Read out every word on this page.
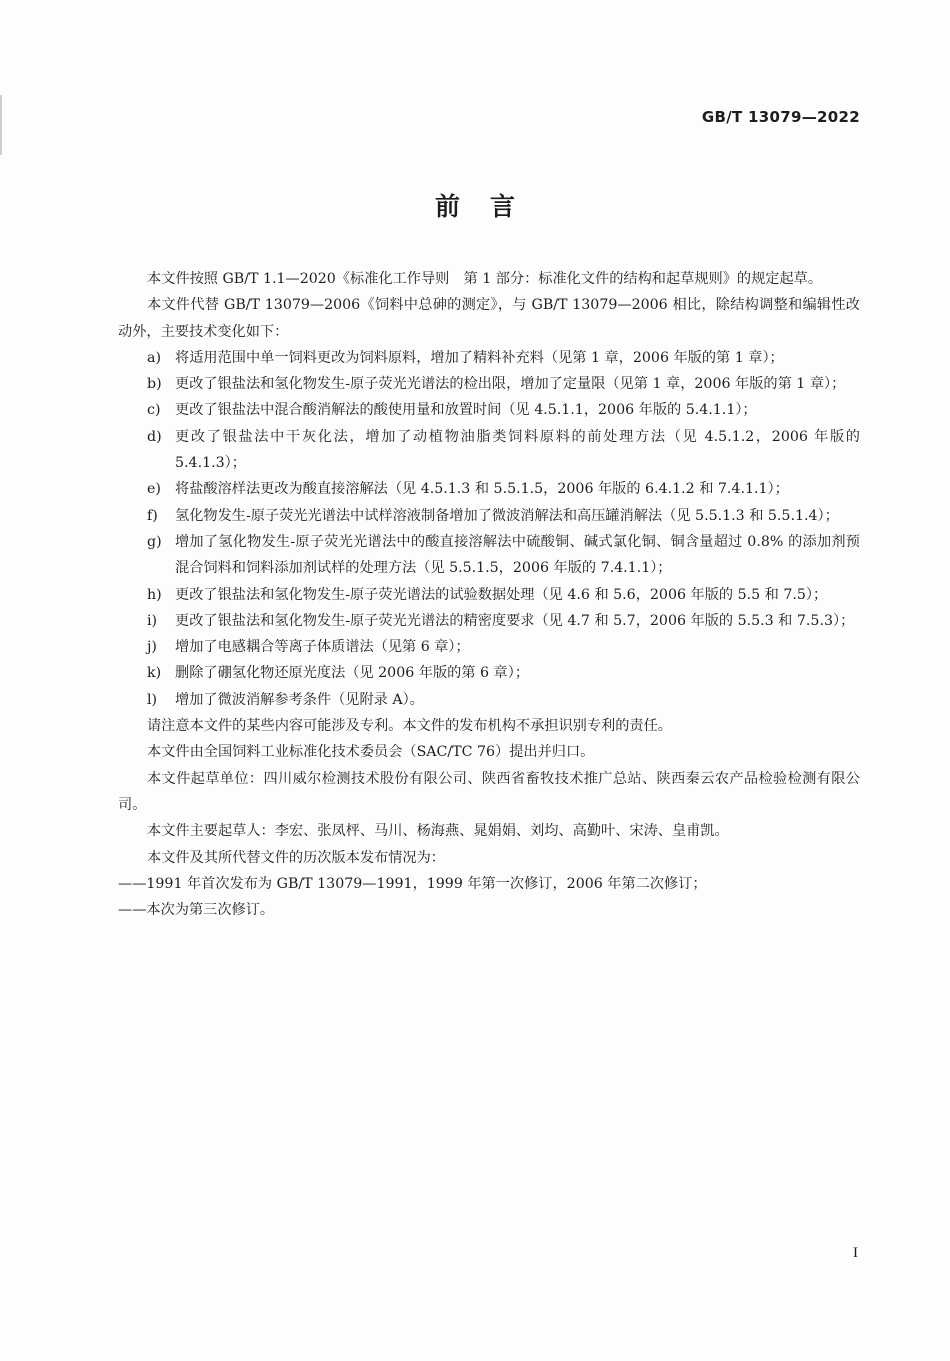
GB/T 13079—2022
前言

本文件按照 GB/T 1.1—2020《标准化工作导则　第 1 部分：标准化文件的结构和起草规则》的规定起草。

本文件代替 GB/T 13079—2006《饲料中总砷的测定》，与 GB/T 13079—2006 相比，除结构调整和编辑性改动外，主要技术变化如下：

a) 将适用范围中单一饲料更改为饲料原料，增加了精料补充料（见第 1 章，2006 年版的第 1 章）；
b) 更改了银盐法和氢化物发生-原子荧光光谱法的检出限，增加了定量限（见第 1 章，2006 年版的第 1 章）；
c)	更改了银盐法中混合酸消解法的酸使用量和放置时间（见 4.5.1.1，2006 年版的 5.4.1.1）；
d) 更改了银盐法中干灰化法，增加了动植物油脂类饲料原料的前处理方法（见 4.5.1.2，2006 年版的 5.4.1.3）；
e) 将盐酸溶样法更改为酸直接溶解法（见 4.5.1.3 和 5.5.1.5，2006 年版的 6.4.1.2 和 7.4.1.1）；
f)	氢化物发生-原子荧光光谱法中试样溶液制备增加了微波消解法和高压罐消解法（见 5.5.1.3 和 5.5.1.4）；
g) 增加了氢化物发生-原子荧光光谱法中的酸直接溶解法中硫酸铜、碱式氯化铜、铜含量超过 0.8% 的添加剂预混合饲料和饲料添加剂试样的处理方法（见 5.5.1.5，2006 年版的 7.4.1.1）；
h) 更改了银盐法和氢化物发生-原子荧光谱法的试验数据处理（见 4.6 和 5.6，2006 年版的 5.5 和 7.5）；
i)	更改了银盐法和氢化物发生-原子荧光光谱法的精密度要求（见 4.7 和 5.7，2006 年版的 5.5.3 和 7.5.3）；
j)	增加了电感耦合等离子体质谱法（见第 6 章）；
k) 删除了硼氢化物还原光度法（见 2006 年版的第 6 章）；
l)	增加了微波消解参考条件（见附录 A）。

请注意本文件的某些内容可能涉及专利。本文件的发布机构不承担识别专利的责任。

本文件由全国饲料工业标准化技术委员会（SAC/TC 76）提出并归口。

本文件起草单位：四川威尔检测技术股份有限公司、陕西省畜牧技术推广总站、陕西秦云农产品检验检测有限公司。

本文件主要起草人：李宏、张凤枰、马川、杨海燕、晁娟娟、刘均、高勤叶、宋涛、皇甫凯。

本文件及其所代替文件的历次版本发布情况为：

——1991 年首次发布为 GB/T 13079—1991，1999 年第一次修订，2006 年第二次修订；

——本次为第三次修订。

I
